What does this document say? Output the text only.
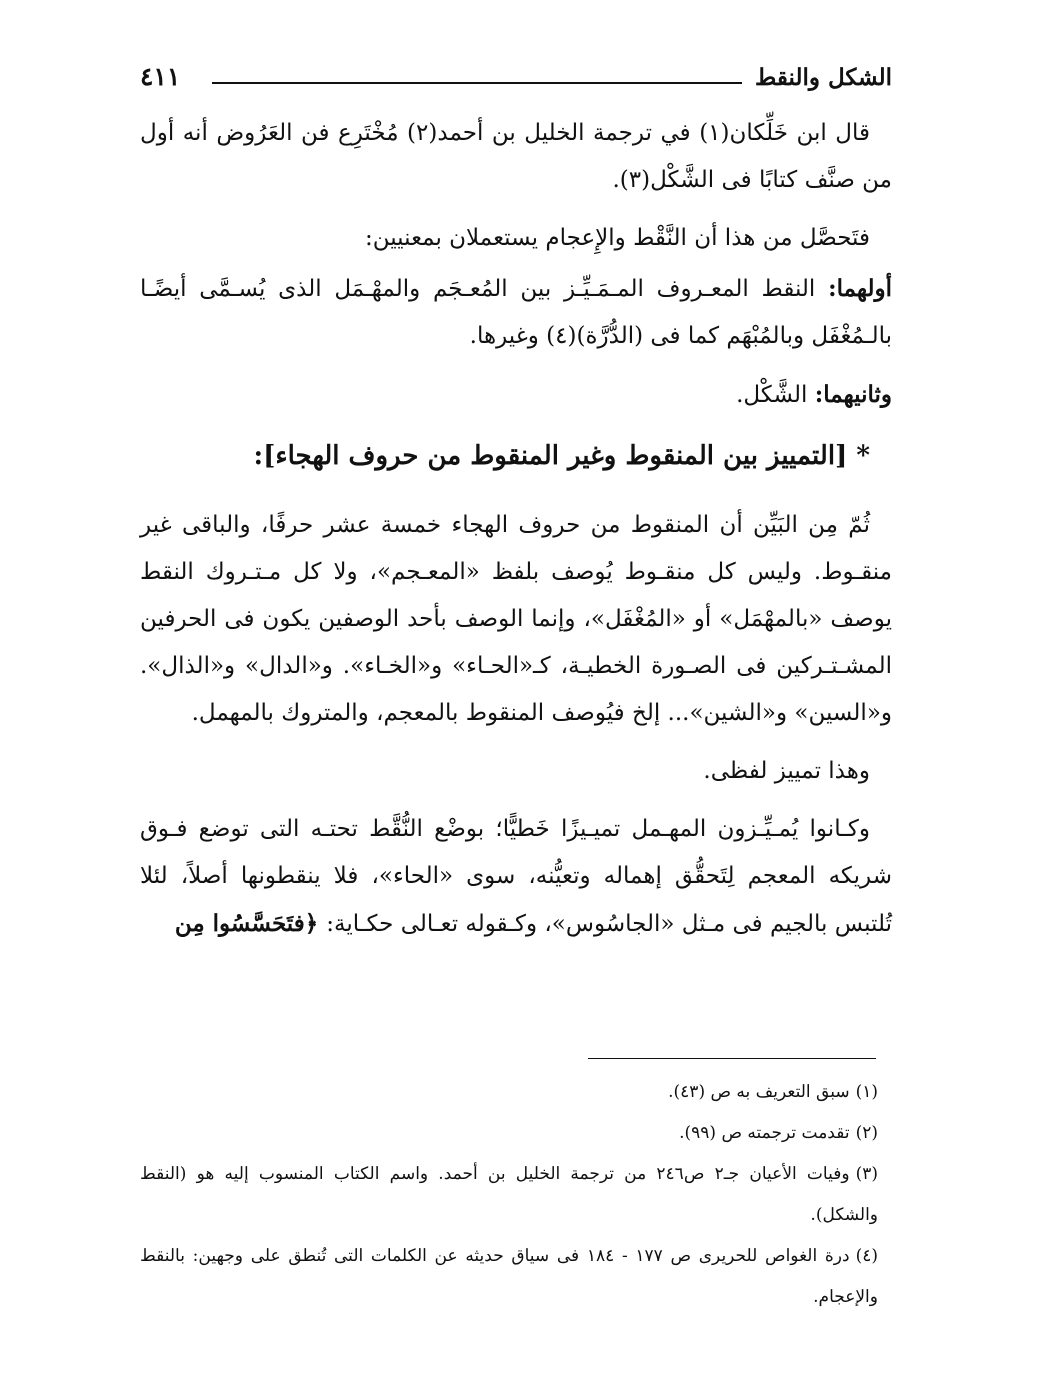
الشكل والنقط
٤١١

قال ابن خَلِّكان(١) في ترجمة الخليل بن أحمد(٢) مُخْتَرِع فن العَرُوض أنه أول من صنَّف كتابًا فى الشَّكْل(٣).

فتَحصَّل من هذا أن النَّقْط والإِعجام يستعملان بمعنيين:

أولهما: النقط المعـروف المـمَـيِّـز بين المُعـجَم والمهْـمَل الذى يُسـمَّى أيضًـا بالـمُغْفَل وبالمُبْهَم كما فى (الدُّرَّة)(٤) وغيرها.

وثانيهما: الشَّكْل.

* [التمييز بين المنقوط وغير المنقوط من حروف الهجاء]:

ثُمّ مِن البَيِّن أن المنقوط من حروف الهجاء خمسة عشر حرفًا، والباقى غير منقـوط. وليس كل منقـوط يُوصف بلفظ «المعـجم»، ولا كل مـتـروك النقط يوصف «بالمهْمَل» أو «المُغْفَل»، وإنما الوصف بأحد الوصفين يكون فى الحرفين المشـتـركين فى الصـورة الخطيـة، كـ«الحـاء» و«الخـاء». و«الدال» و«الذال». و«السين» و«الشين»... إلخ فيُوصف المنقوط بالمعجم، والمتروك بالمهمل.

وهذا تمييز لفظى.

وكـانوا يُمـيِّـزون المهـمل تميـيزًا خَطيًّا؛ بوضْع النُّقَّط تحتـه التى توضع فـوق شريكه المعجم لِتَحقُّق إهماله وتعيُّنه، سوى «الحاء»، فلا ينقطونها أصلاً، لئلا تُلتبس بالجيم فى مـثل «الجاسُوس»، وكـقوله تعـالى حكـاية: ﴿فتَحَسَّسُوا مِن

(١)سبق التعريف به ص (٤٣).

(٢)تقدمت ترجمته ص (٩٩).

(٣)وفيات الأعيان جـ٢ ص٢٤٦ من ترجمة الخليل بن أحمد. واسم الكتاب المنسوب إليه هو (النقط والشكل).

(٤)درة الغواص للحريرى ص ١٧٧ - ١٨٤ فى سياق حديثه عن الكلمات التى تُنطق على وجهين: بالنقط والإعجام.
